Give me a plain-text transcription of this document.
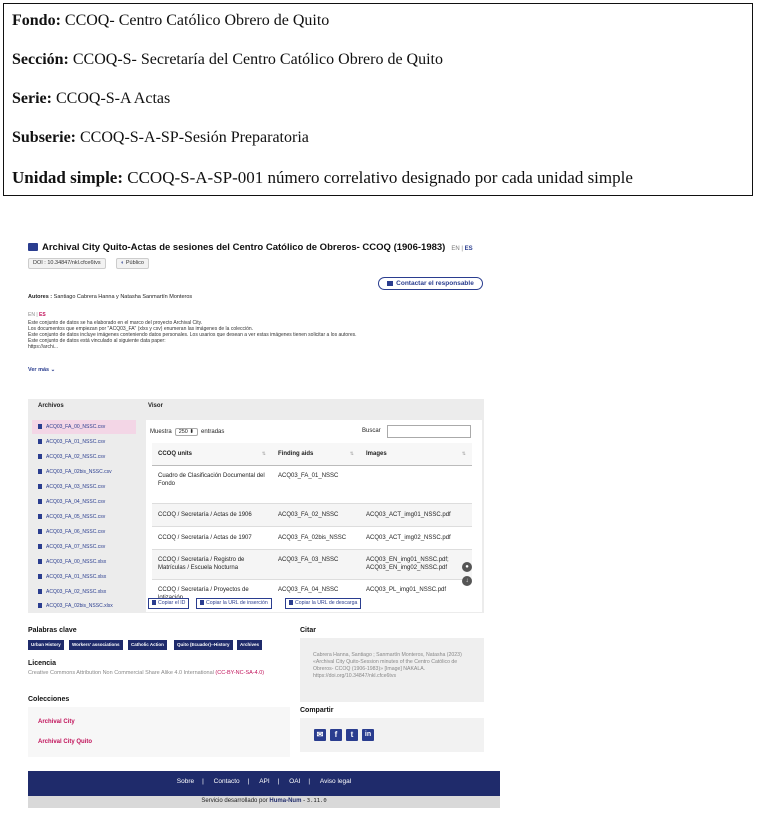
Fondo: CCOQ- Centro Católico Obrero de Quito
Sección: CCOQ-S- Secretaría del Centro Católico Obrero de Quito
Serie: CCOQ-S-A Actas
Subserie: CCOQ-S-A-SP-Sesión Preparatoria
Unidad simple: CCOQ-S-A-SP-001 número correlativo designado por cada unidad simple
Archival City Quito-Actas de sesiones del Centro Católico de Obreros- CCOQ (1906-1983) EN | ES
DOI : 10.34847/nkl.cfce6tvs	◐ Público
Contactar el responsable
Autores : Santiago Cabrera Hanna y Natasha Sanmartín Monteros
EN | ES
Este conjunto de datos se ha elaborado en el marco del proyecto Archival City.
Los documentos que empiezan por "ACQ03_FA" (xlxs y csv) enumeran las imágenes de la colección.
Este conjunto de datos incluye imágenes conteniendo datos personales. Los usarios que desean a ver estas imágenes tienen solicitar a los autores.
Este conjunto de datos está vinculado al siguiente data paper:
https://archi...
Ver más ⌄
Archivos	Visor
ACQ03_FA_00_NSSC.csv
ACQ03_FA_01_NSSC.csv
ACQ03_FA_02_NSSC.csv
ACQ03_FA_02bis_NSSC.csv
ACQ03_FA_03_NSSC.csv
ACQ03_FA_04_NSSC.csv
ACQ03_FA_05_NSSC.csv
ACQ03_FA_06_NSSC.csv
ACQ03_FA_07_NSSC.csv
ACQ03_FA_00_NSSC.xlsx
ACQ03_FA_01_NSSC.xlsx
ACQ03_FA_02_NSSC.xlsx
ACQ03_FA_02bis_NSSC.xlsx
Muestra 250 ⬍ entradas	Buscar
CCOQ units ⇅	Finding aids ⇅	Images ⇅

Cuadro de Clasificación Documental del Fondo	ACQ03_FA_01_NSSC	
CCOQ / Secretaría / Actas de 1906	ACQ03_FA_02_NSSC	ACQ03_ACT_img01_NSSC.pdf
CCOQ / Secretaría / Actas de 1907	ACQ03_FA_02bis_NSSC	ACQ03_ACT_img02_NSSC.pdf
CCOQ / Secretaría / Registro de Matrículas / Escuela Nocturna	ACQ03_FA_03_NSSC	ACQ03_EN_img01_NSSC.pdf; ACQ03_EN_img02_NSSC.pdf
CCOQ / Secretaría / Proyectos de	ACQ03_FA_04_NSSC	ACQ03_PL_img01_NSSC.pdf
●
↓
Copiar el ID	Copiar la URL de inserción	Copiar la URL de descarga
Palabras clave
Urban History	Workers' associations	Catholic Action	Quito (Ecuador)--History	Archives
Licencia
Creative Commons Attribution Non Commercial Share Alike 4.0 International (CC-BY-NC-SA-4.0)
Colecciones
Archival City
Archival City Quito
Citar
Cabrera Hanna, Santiago ; Sanmartín Monteros, Natasha (2023) «Archival City Quito-Session minutes of the Centro Católico de Obreros- CCOQ (1906-1983)» [Image] NAKALA. https://doi.org/10.34847/nkl.cfce6tvs
Compartir
✉	f	t	in
Sobre | Contacto | API | OAI | Aviso legal
Servicio desarrollado por Huma-Num - 3.11.0
